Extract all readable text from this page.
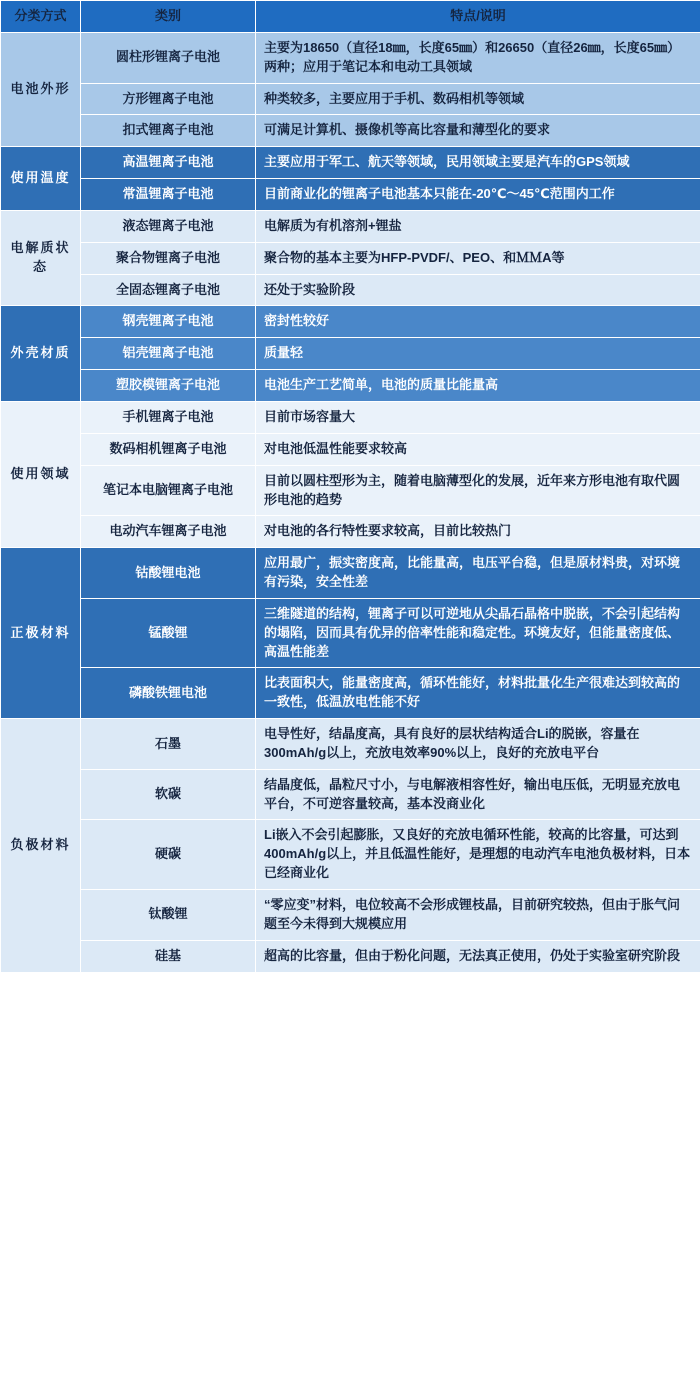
分类方式	类别	特点/说明
电池外形	圆柱形锂离子电池	主要为18650（直径18㎜，长度65㎜）和26650（直径26㎜，长度65㎜）两种；应用于笔记本和电动工具领域
	方形锂离子电池	种类较多，主要应用于手机、数码相机等领域
	扣式锂离子电池	可满足计算机、摄像机等高比容量和薄型化的要求
使用温度	高温锂离子电池	主要应用于军工、航天等领域，民用领域主要是汽车的GPS领域
	常温锂离子电池	目前商业化的锂离子电池基本只能在-20℃～45℃范围内工作
电解质状态	液态锂离子电池	电解质为有机溶剂+锂盐
	聚合物锂离子电池	聚合物的基本主要为HFP-PVDF/、PEO、和ＭＭA等
	全固态锂离子电池	还处于实验阶段
外壳材质	钢壳锂离子电池	密封性较好
	铝壳锂离子电池	质量轻
	塑胶模锂离子电池	电池生产工艺简单，电池的质量比能量高
使用领域	手机锂离子电池	目前市场容量大
	数码相机锂离子电池	对电池低温性能要求较高
	笔记本电脑锂离子电池	目前以圆柱型形为主，随着电脑薄型化的发展，近年来方形电池有取代圆形电池的趋势
	电动汽车锂离子电池	对电池的各行特性要求较高，目前比较热门
正极材料	钴酸锂电池	应用最广，振实密度高，比能量高，电压平台稳，但是原材料贵，对环境有污染，安全性差
	锰酸锂	三维隧道的结构，锂离子可以可逆地从尖晶石晶格中脱嵌，不会引起结构的塌陷，因而具有优异的倍率性能和稳定性。环境友好，但能量密度低、高温性能差
	磷酸铁锂电池	比表面积大，能量密度高，循环性能好，材料批量化生产很难达到较高的一致性，低温放电性能不好
负极材料	石墨	电导性好，结晶度高，具有良好的层状结构适合Li的脱嵌，容量在300mAh/g以上，充放电效率90%以上，良好的充放电平台
	软碳	结晶度低，晶粒尺寸小，与电解液相容性好，输出电压低，无明显充放电平台，不可逆容量较高，基本没商业化
	硬碳	Li嵌入不会引起膨胀，又良好的充放电循环性能，较高的比容量，可达到400mAh/g以上，并且低温性能好，是理想的电动汽车电池负极材料，日本已经商业化
	钛酸锂	“零应变”材料，电位较高不会形成锂枝晶，目前研究较热，但由于胀气问题至今未得到大规模应用
	硅基	超高的比容量，但由于粉化问题，无法真正使用，仍处于实验室研究阶段
